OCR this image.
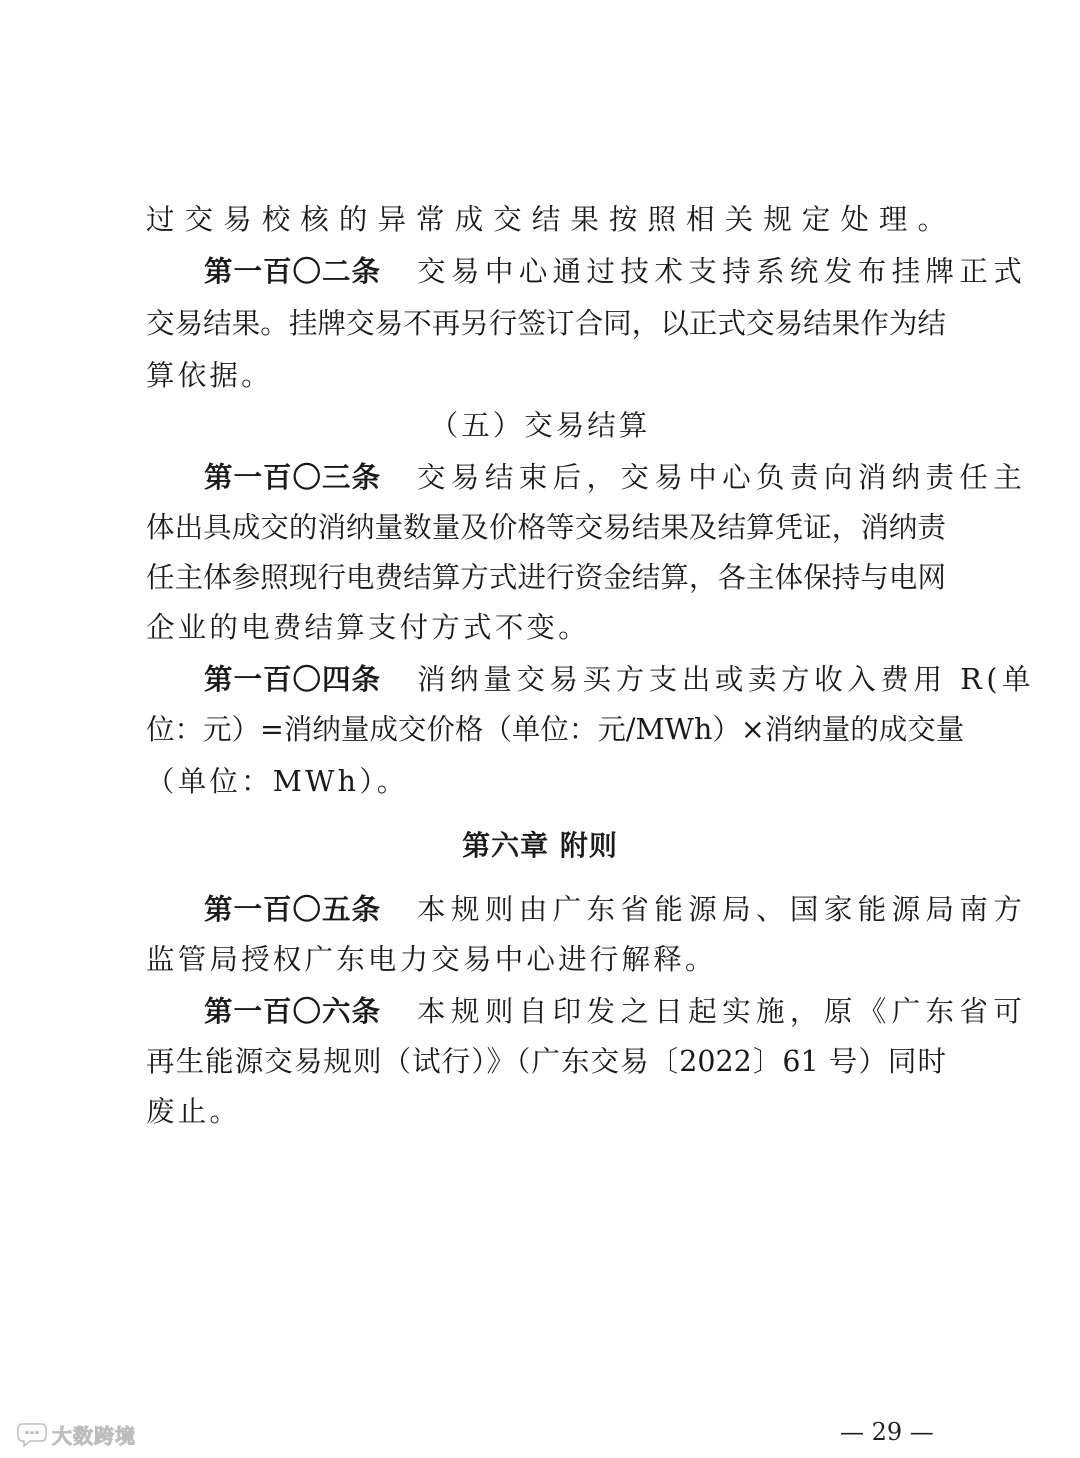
过交易校核的异常成交结果按照相关规定处理。
第一百〇二条 交易中心通过技术支持系统发布挂牌正式
交易结果。挂牌交易不再另行签订合同，以正式交易结果作为结
算依据。
（五）交易结算
第一百〇三条 交易结束后，交易中心负责向消纳责任主
体出具成交的消纳量数量及价格等交易结果及结算凭证，消纳责
任主体参照现行电费结算方式进行资金结算，各主体保持与电网
企业的电费结算支付方式不变。
第一百〇四条 消纳量交易买方支出或卖方收入费用 R(单
位：元）=消纳量成交价格（单位：元/MWh）×消纳量的成交量
（单位：MWh）。
第六章 附则
第一百〇五条 本规则由广东省能源局、国家能源局南方
监管局授权广东电力交易中心进行解释。
第一百〇六条 本规则自印发之日起实施，原《广东省可
再生能源交易规则（试行）》（广东交易〔2022〕61 号）同时
废止。
— 29 —
大数跨境
